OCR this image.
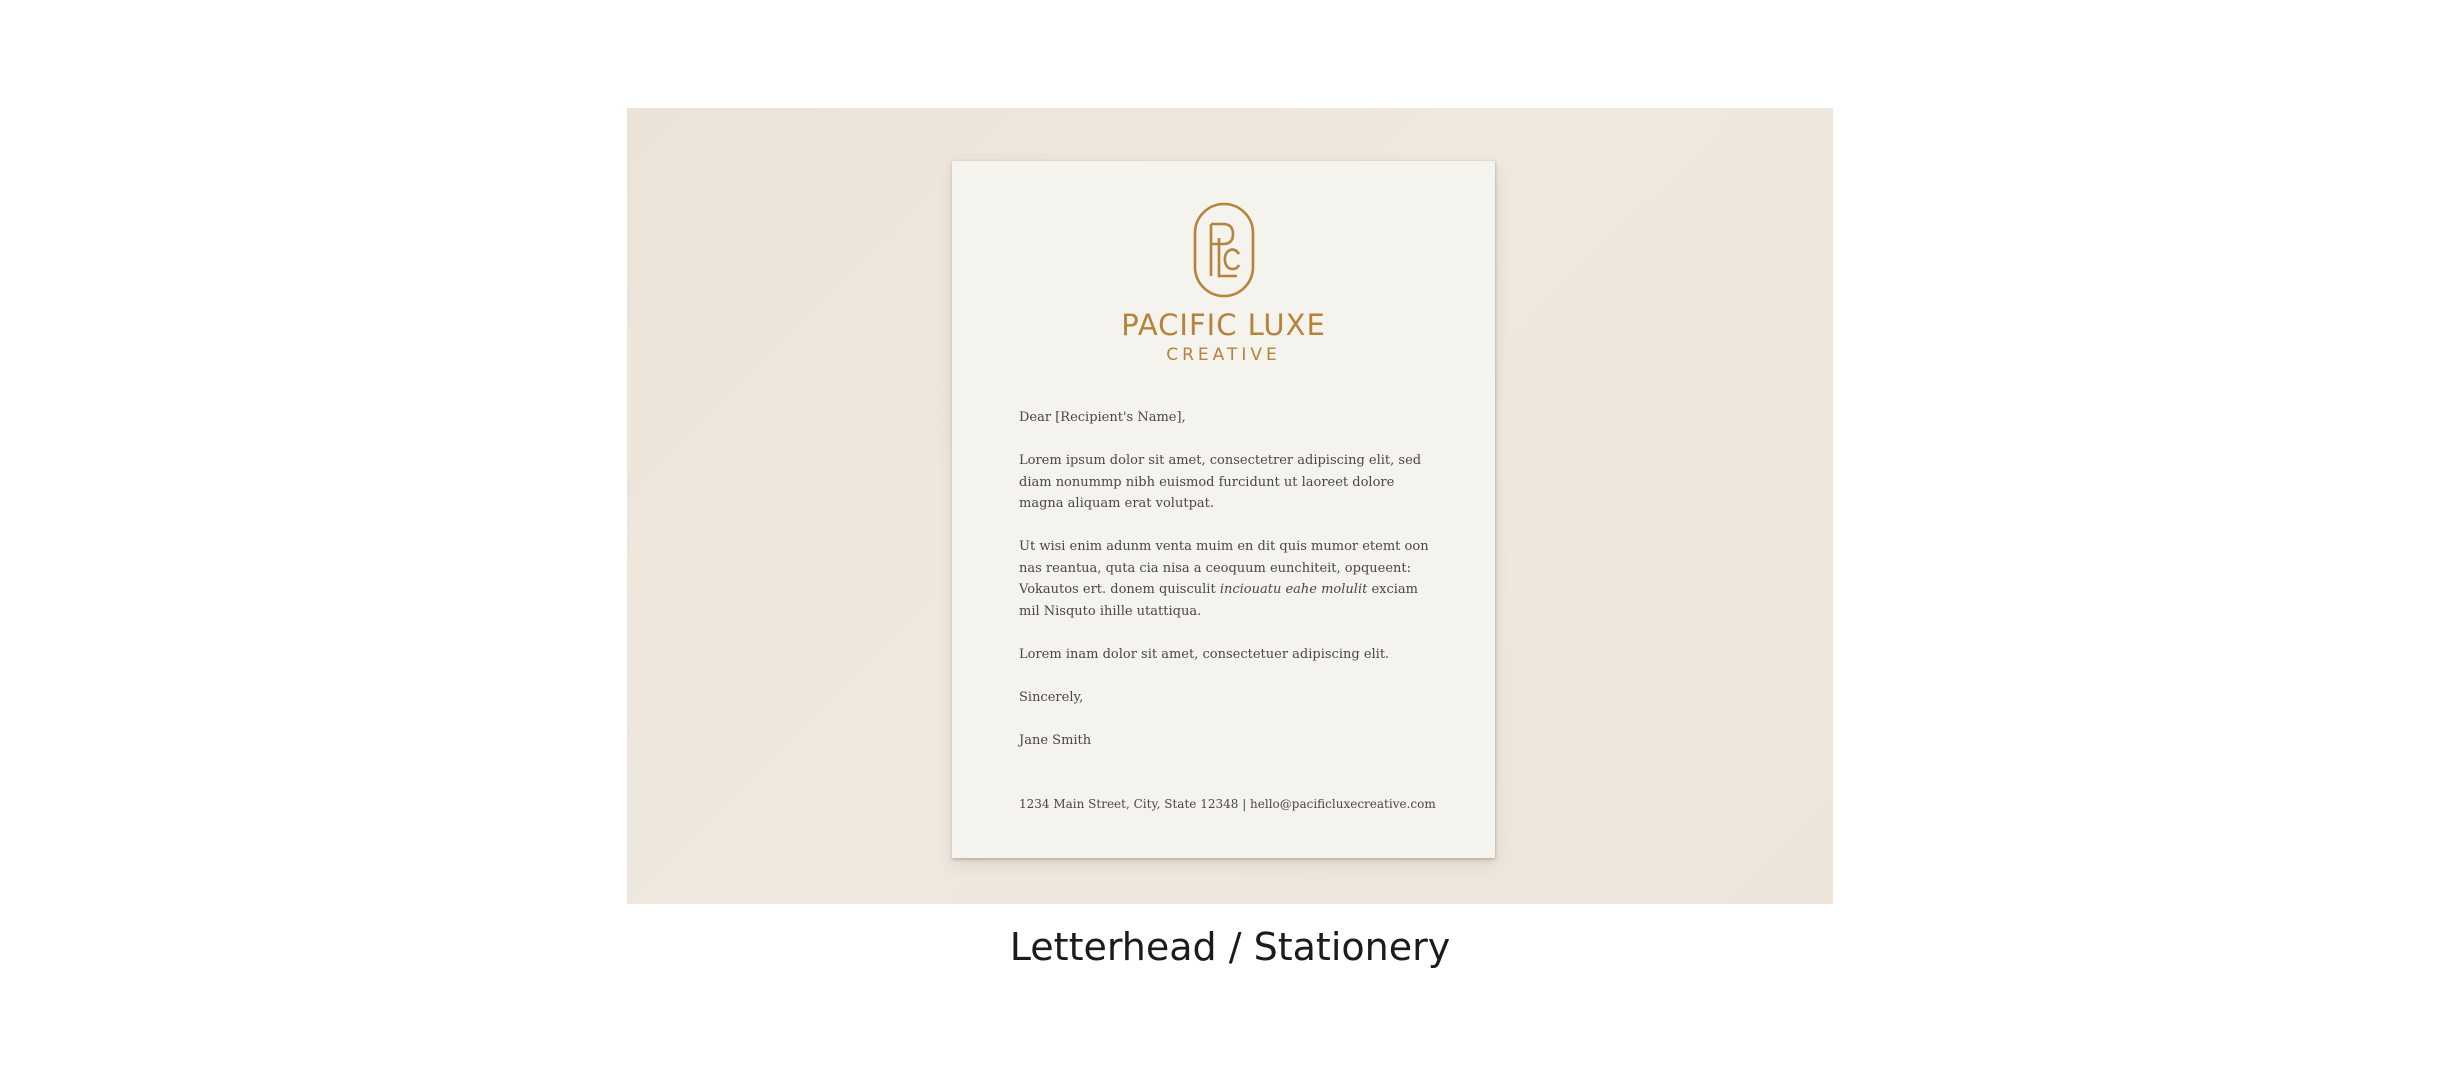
PACIFIC LUXE
CREATIVE

Dear [Recipient's Name],

Lorem ipsum dolor sit amet, consectetrer adipiscing elit, sed diam nonummp nibh euismod furcidunt ut laoreet dolore magna aliquam erat volutpat.

Ut wisi enim adunm venta muim en dit quis mumor etemt oon nas reantua, quta cia nisa a ceoquum eunchiteit, opqueent: Vokautos ert. donem quisculit inciouatu eahe molulit exciam mil Nisquto ihille utattiqua.

Lorem inam dolor sit amet, consectetuer adipiscing elit.

Sincerely,

Jane Smith

1234 Main Street, City, State 12348 | hello@pacificluxecreative.com
Letterhead / Stationery
